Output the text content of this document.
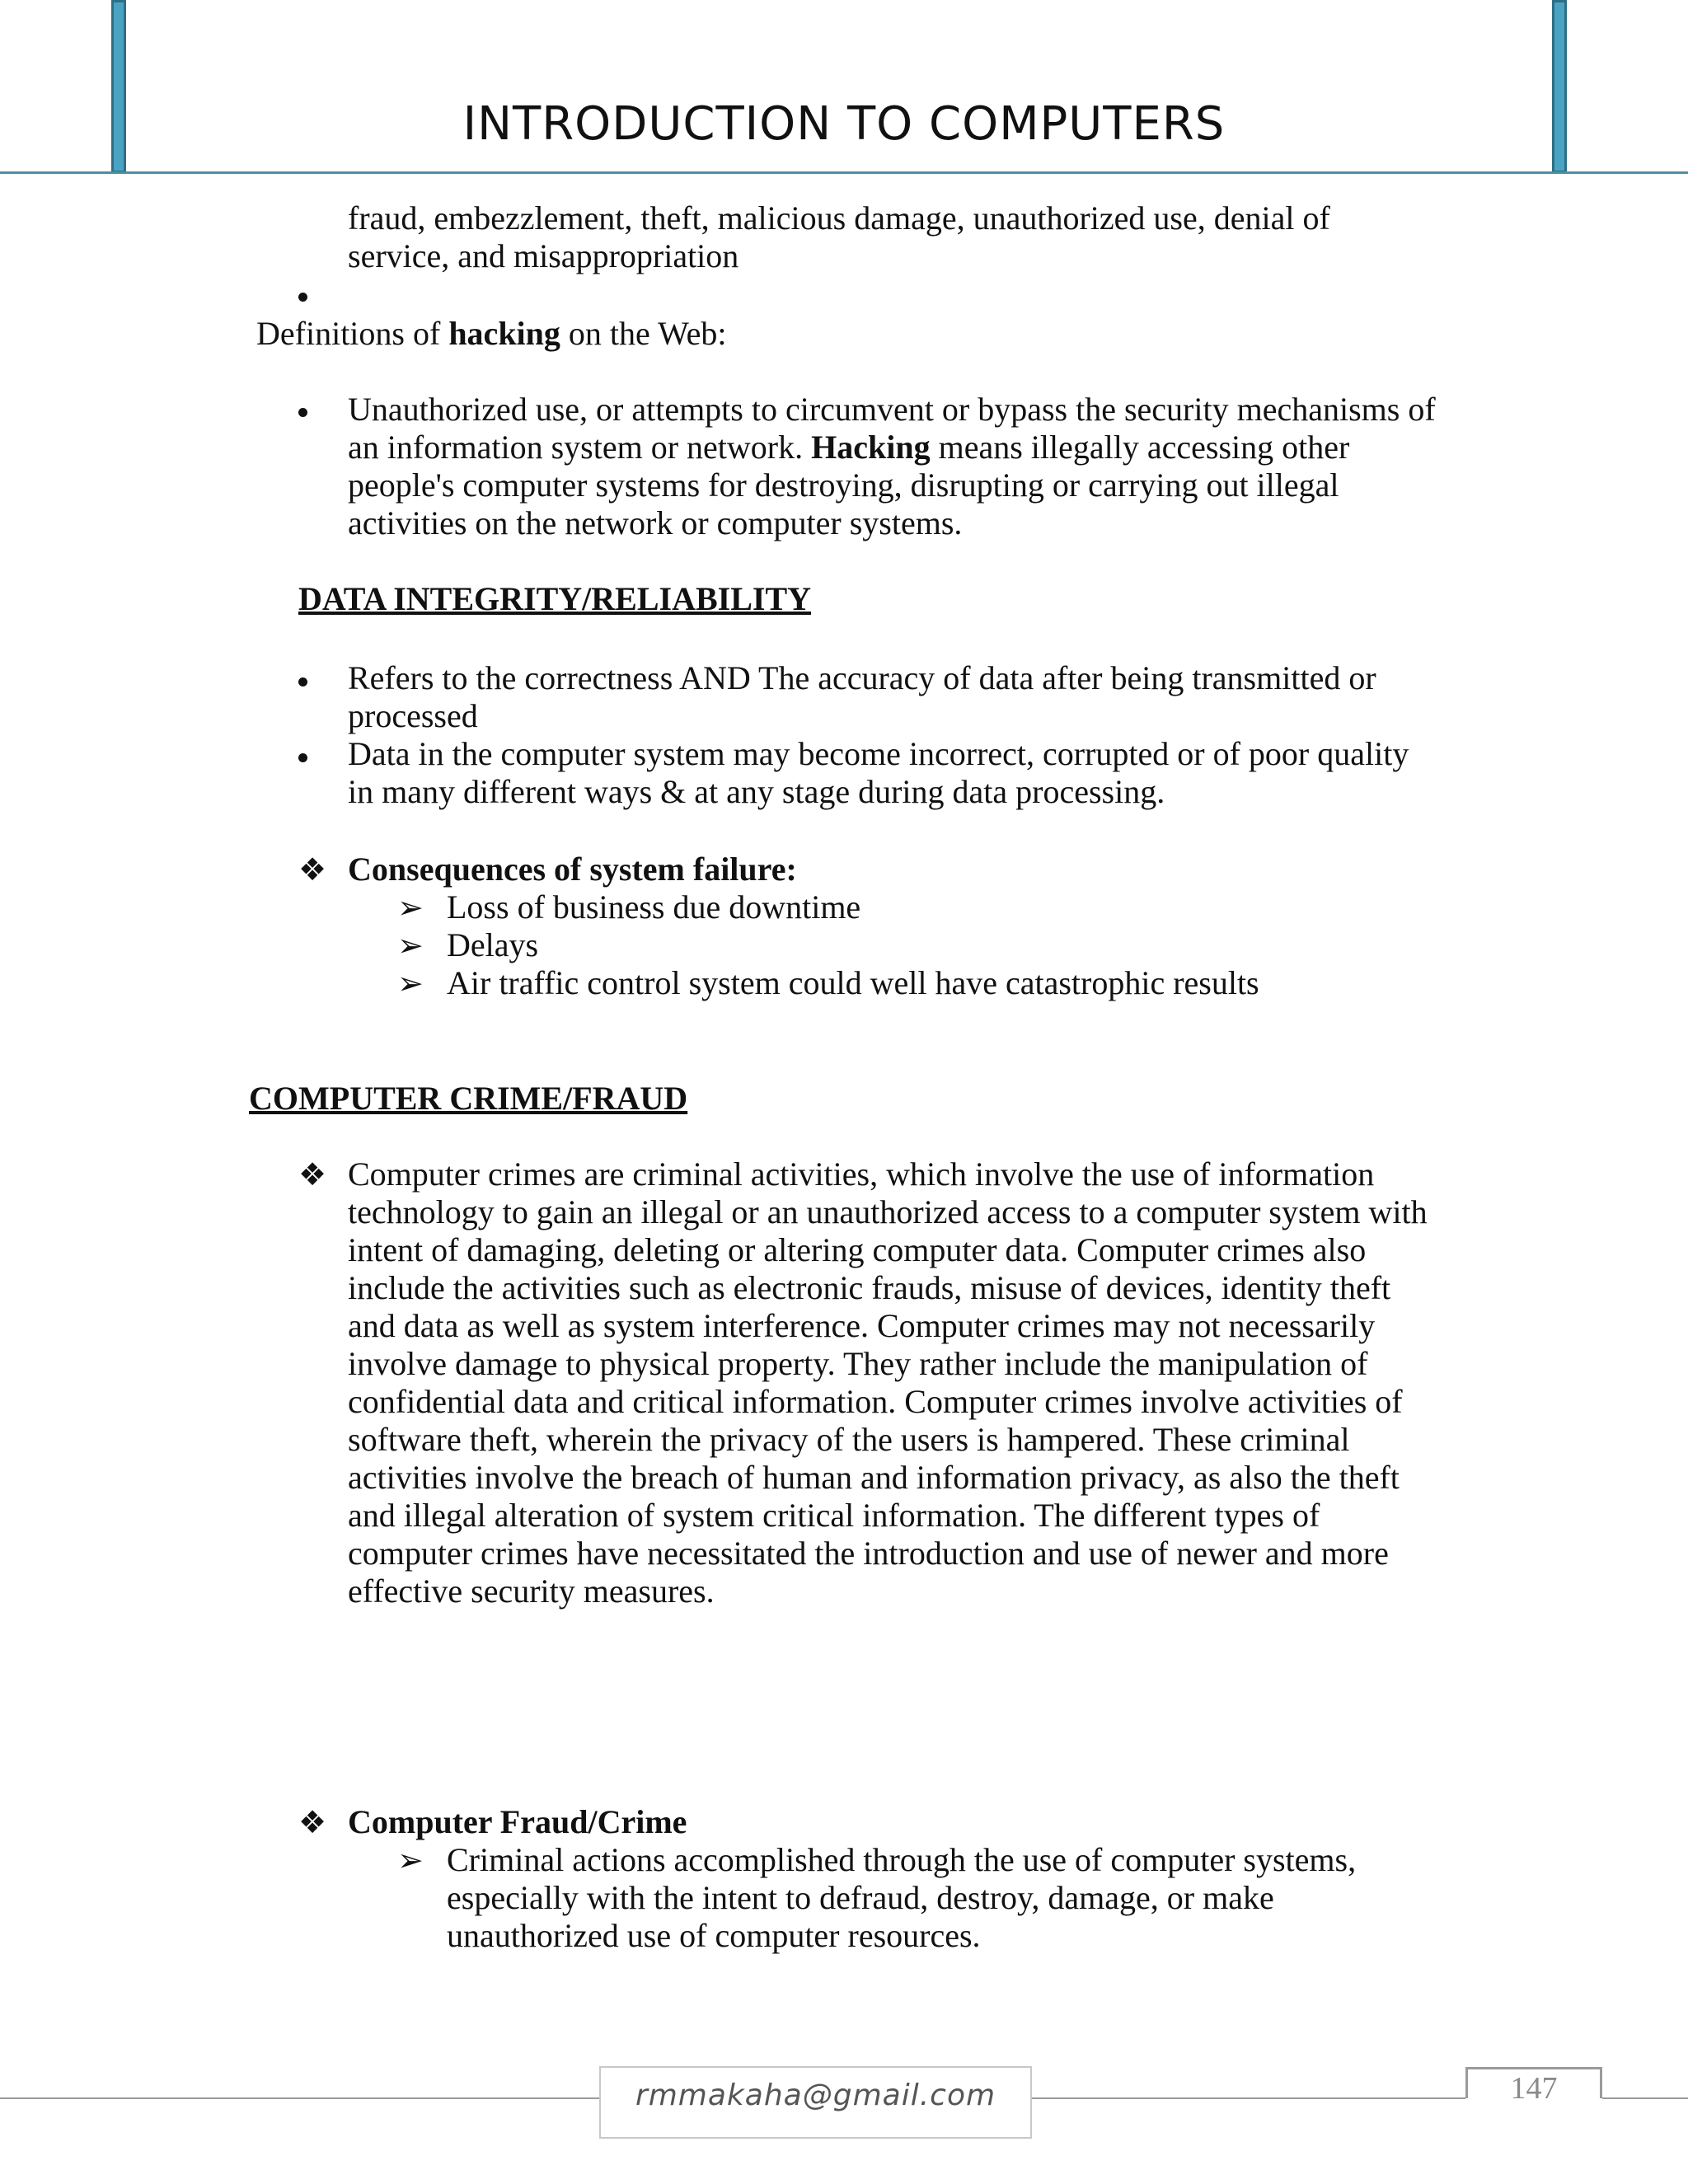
INTRODUCTION TO COMPUTERS
fraud, embezzlement, theft, malicious damage, unauthorized use, denial of
service, and misappropriation
Definitions of hacking on the Web:
Unauthorized use, or attempts to circumvent or bypass the security mechanisms of
an information system or network. Hacking means illegally accessing other
people's computer systems for destroying, disrupting or carrying out illegal
activities on the network or computer systems.
DATA INTEGRITY/RELIABILITY
Refers to the correctness AND The accuracy of data after being transmitted or
processed
Data in the computer system may become incorrect, corrupted or of poor quality
in many different ways & at any stage during data processing.
❖ Consequences of system failure:
➢ Loss of business due downtime
➢ Delays
➢ Air traffic control system could well have catastrophic results
COMPUTER CRIME/FRAUD
❖ Computer crimes are criminal activities, which involve the use of information
technology to gain an illegal or an unauthorized access to a computer system with
intent of damaging, deleting or altering computer data. Computer crimes also
include the activities such as electronic frauds, misuse of devices, identity theft
and data as well as system interference. Computer crimes may not necessarily
involve damage to physical property. They rather include the manipulation of
confidential data and critical information. Computer crimes involve activities of
software theft, wherein the privacy of the users is hampered. These criminal
activities involve the breach of human and information privacy, as also the theft
and illegal alteration of system critical information. The different types of
computer crimes have necessitated the introduction and use of newer and more
effective security measures.
❖ Computer Fraud/Crime
➢ Criminal actions accomplished through the use of computer systems,
especially with the intent to defraud, destroy, damage, or make
unauthorized use of computer resources.
rmmakaha@gmail.com	147
